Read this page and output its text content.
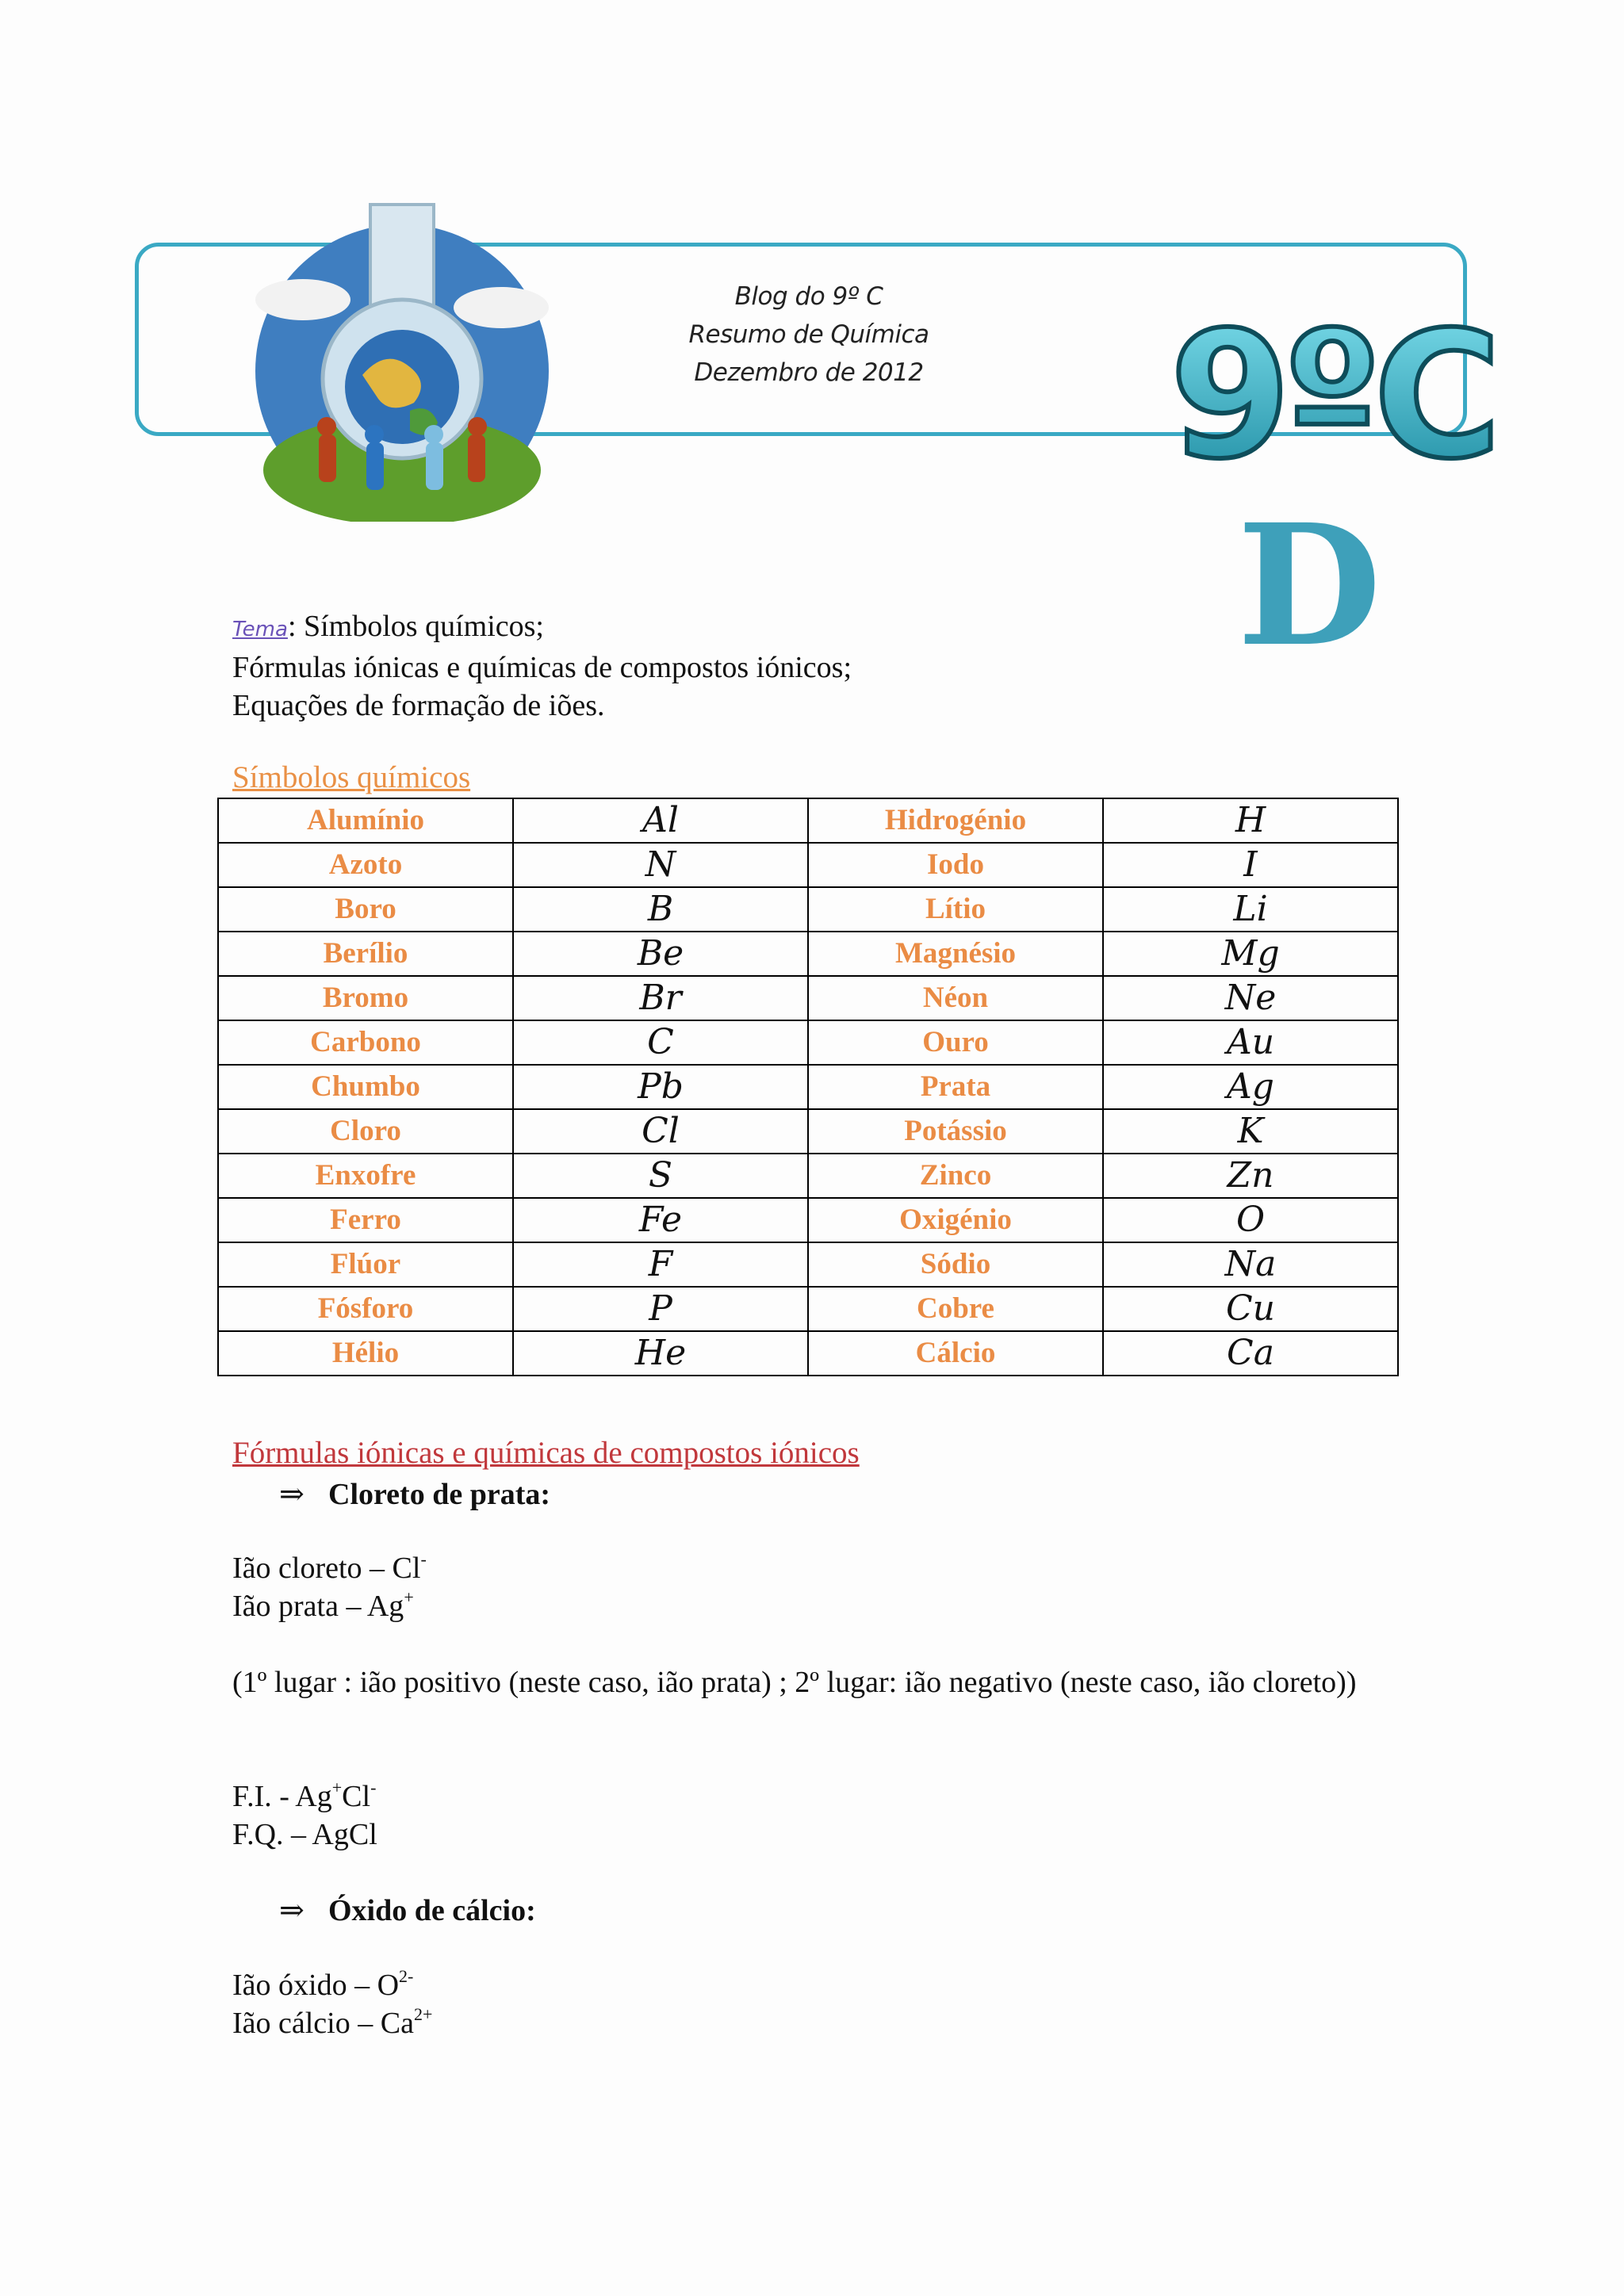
Blog do 9º C
Resumo de Química
Dezembro de 2012 9ºC
D
Tema: Símbolos químicos;
Fórmulas iónicas e químicas de compostos iónicos;
Equações de formação de iões.
Símbolos químicos
Alumínio	Al	Hidrogénio	H
Azoto	N	Iodo	I
Boro	B	Lítio	Li
Berílio	Be	Magnésio	Mg
Bromo	Br	Néon	Ne
Carbono	C	Ouro	Au
Chumbo	Pb	Prata	Ag
Cloro	Cl	Potássio	K
Enxofre	S	Zinco	Zn
Ferro	Fe	Oxigénio	O
Flúor	F	Sódio	Na
Fósforo	P	Cobre	Cu
Hélio	He	Cálcio	Ca
Fórmulas iónicas e químicas de compostos iónicos
⇒ Cloreto de prata:
Ião cloreto – Cl-
Ião prata – Ag+
(1º lugar : ião positivo (neste caso, ião prata) ; 2º lugar: ião negativo (neste caso, ião cloreto))
F.I. - Ag+Cl-
F.Q. – AgCl
⇒ Óxido de cálcio:
Ião óxido – $O^{2-}$
Ião cálcio – $Ca^{2+}$
